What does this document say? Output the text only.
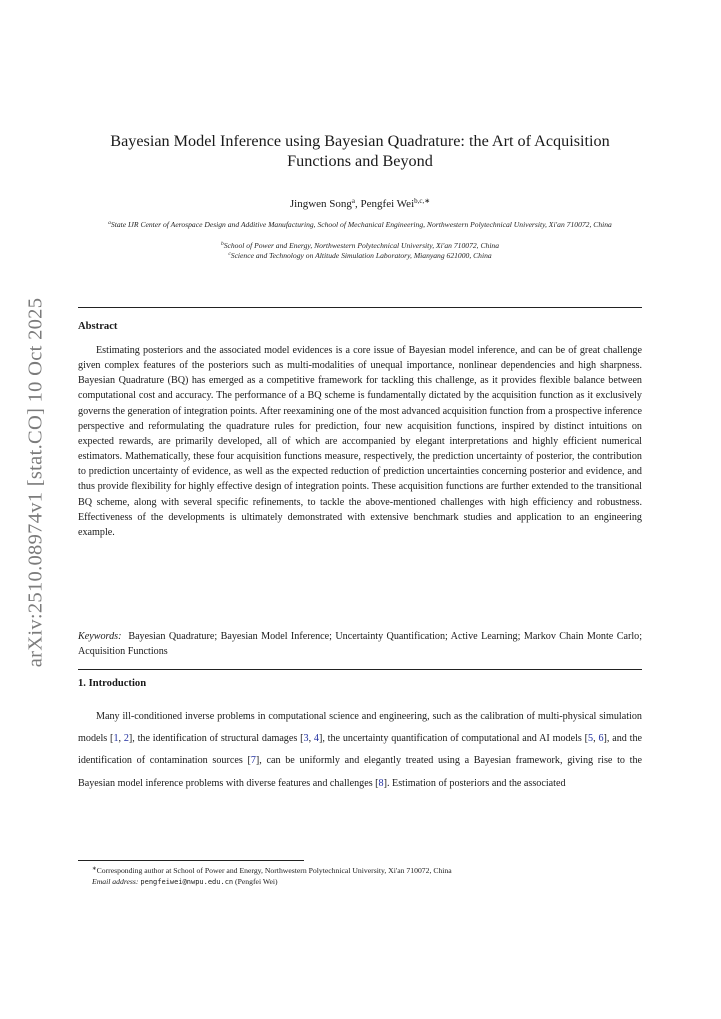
arXiv:2510.08974v1 [stat.CO] 10 Oct 2025
Bayesian Model Inference using Bayesian Quadrature: the Art of Acquisition Functions and Beyond
Jingwen Song$^a$, Pengfei Wei$^{b,c,∗}$
$^a$State IJR Center of Aerospace Design and Additive Manufacturing, School of Mechanical Engineering, Northwestern Polytechnical University, Xi'an 710072, China
$^b$School of Power and Energy, Northwestern Polytechnical University, Xi'an 710072, China
$^c$Science and Technology on Altitude Simulation Laboratory, Mianyang 621000, China
Abstract

Estimating posteriors and the associated model evidences is a core issue of Bayesian model inference, and can be of great challenge given complex features of the posteriors such as multi-modalities of unequal importance, nonlinear dependencies and high sharpness. Bayesian Quadrature (BQ) has emerged as a competitive framework for tackling this challenge, as it provides flexible balance between computational cost and accuracy. The performance of a BQ scheme is fundamentally dictated by the acquisition function as it exclusively governs the generation of integration points. After reexamining one of the most advanced acquisition function from a prospective inference perspective and reformulating the quadrature rules for prediction, four new acquisition functions, inspired by distinct intuitions on expected rewards, are primarily developed, all of which are accompanied by elegant interpretations and highly efficient numerical estimators. Mathematically, these four acquisition functions measure, respectively, the prediction uncertainty of posterior, the contribution to prediction uncertainty of evidence, as well as the expected reduction of prediction uncertainties concerning posterior and evidence, and thus provide flexibility for highly effective design of integration points. These acquisition functions are further extended to the transitional BQ scheme, along with several specific refinements, to tackle the above-mentioned challenges with high efficiency and robustness. Effectiveness of the developments is ultimately demonstrated with extensive benchmark studies and application to an engineering example.

Keywords: Bayesian Quadrature; Bayesian Model Inference; Uncertainty Quantification; Active Learning; Markov Chain Monte Carlo; Acquisition Functions

1. Introduction

Many ill-conditioned inverse problems in computational science and engineering, such as the calibration of multi-physical simulation models [1, 2], the identification of structural damages [3, 4], the uncertainty quantification of computational and AI models [5, 6], and the identification of contamination sources [7], can be uniformly and elegantly treated using a Bayesian framework, giving rise to the Bayesian model inference problems with diverse features and challenges [8]. Estimation of posteriors and the associated

∗Corresponding author at School of Power and Energy, Northwestern Polytechnical University, Xi'an 710072, China

Email address: pengfeiwei@nwpu.edu.cn (Pengfei Wei)
